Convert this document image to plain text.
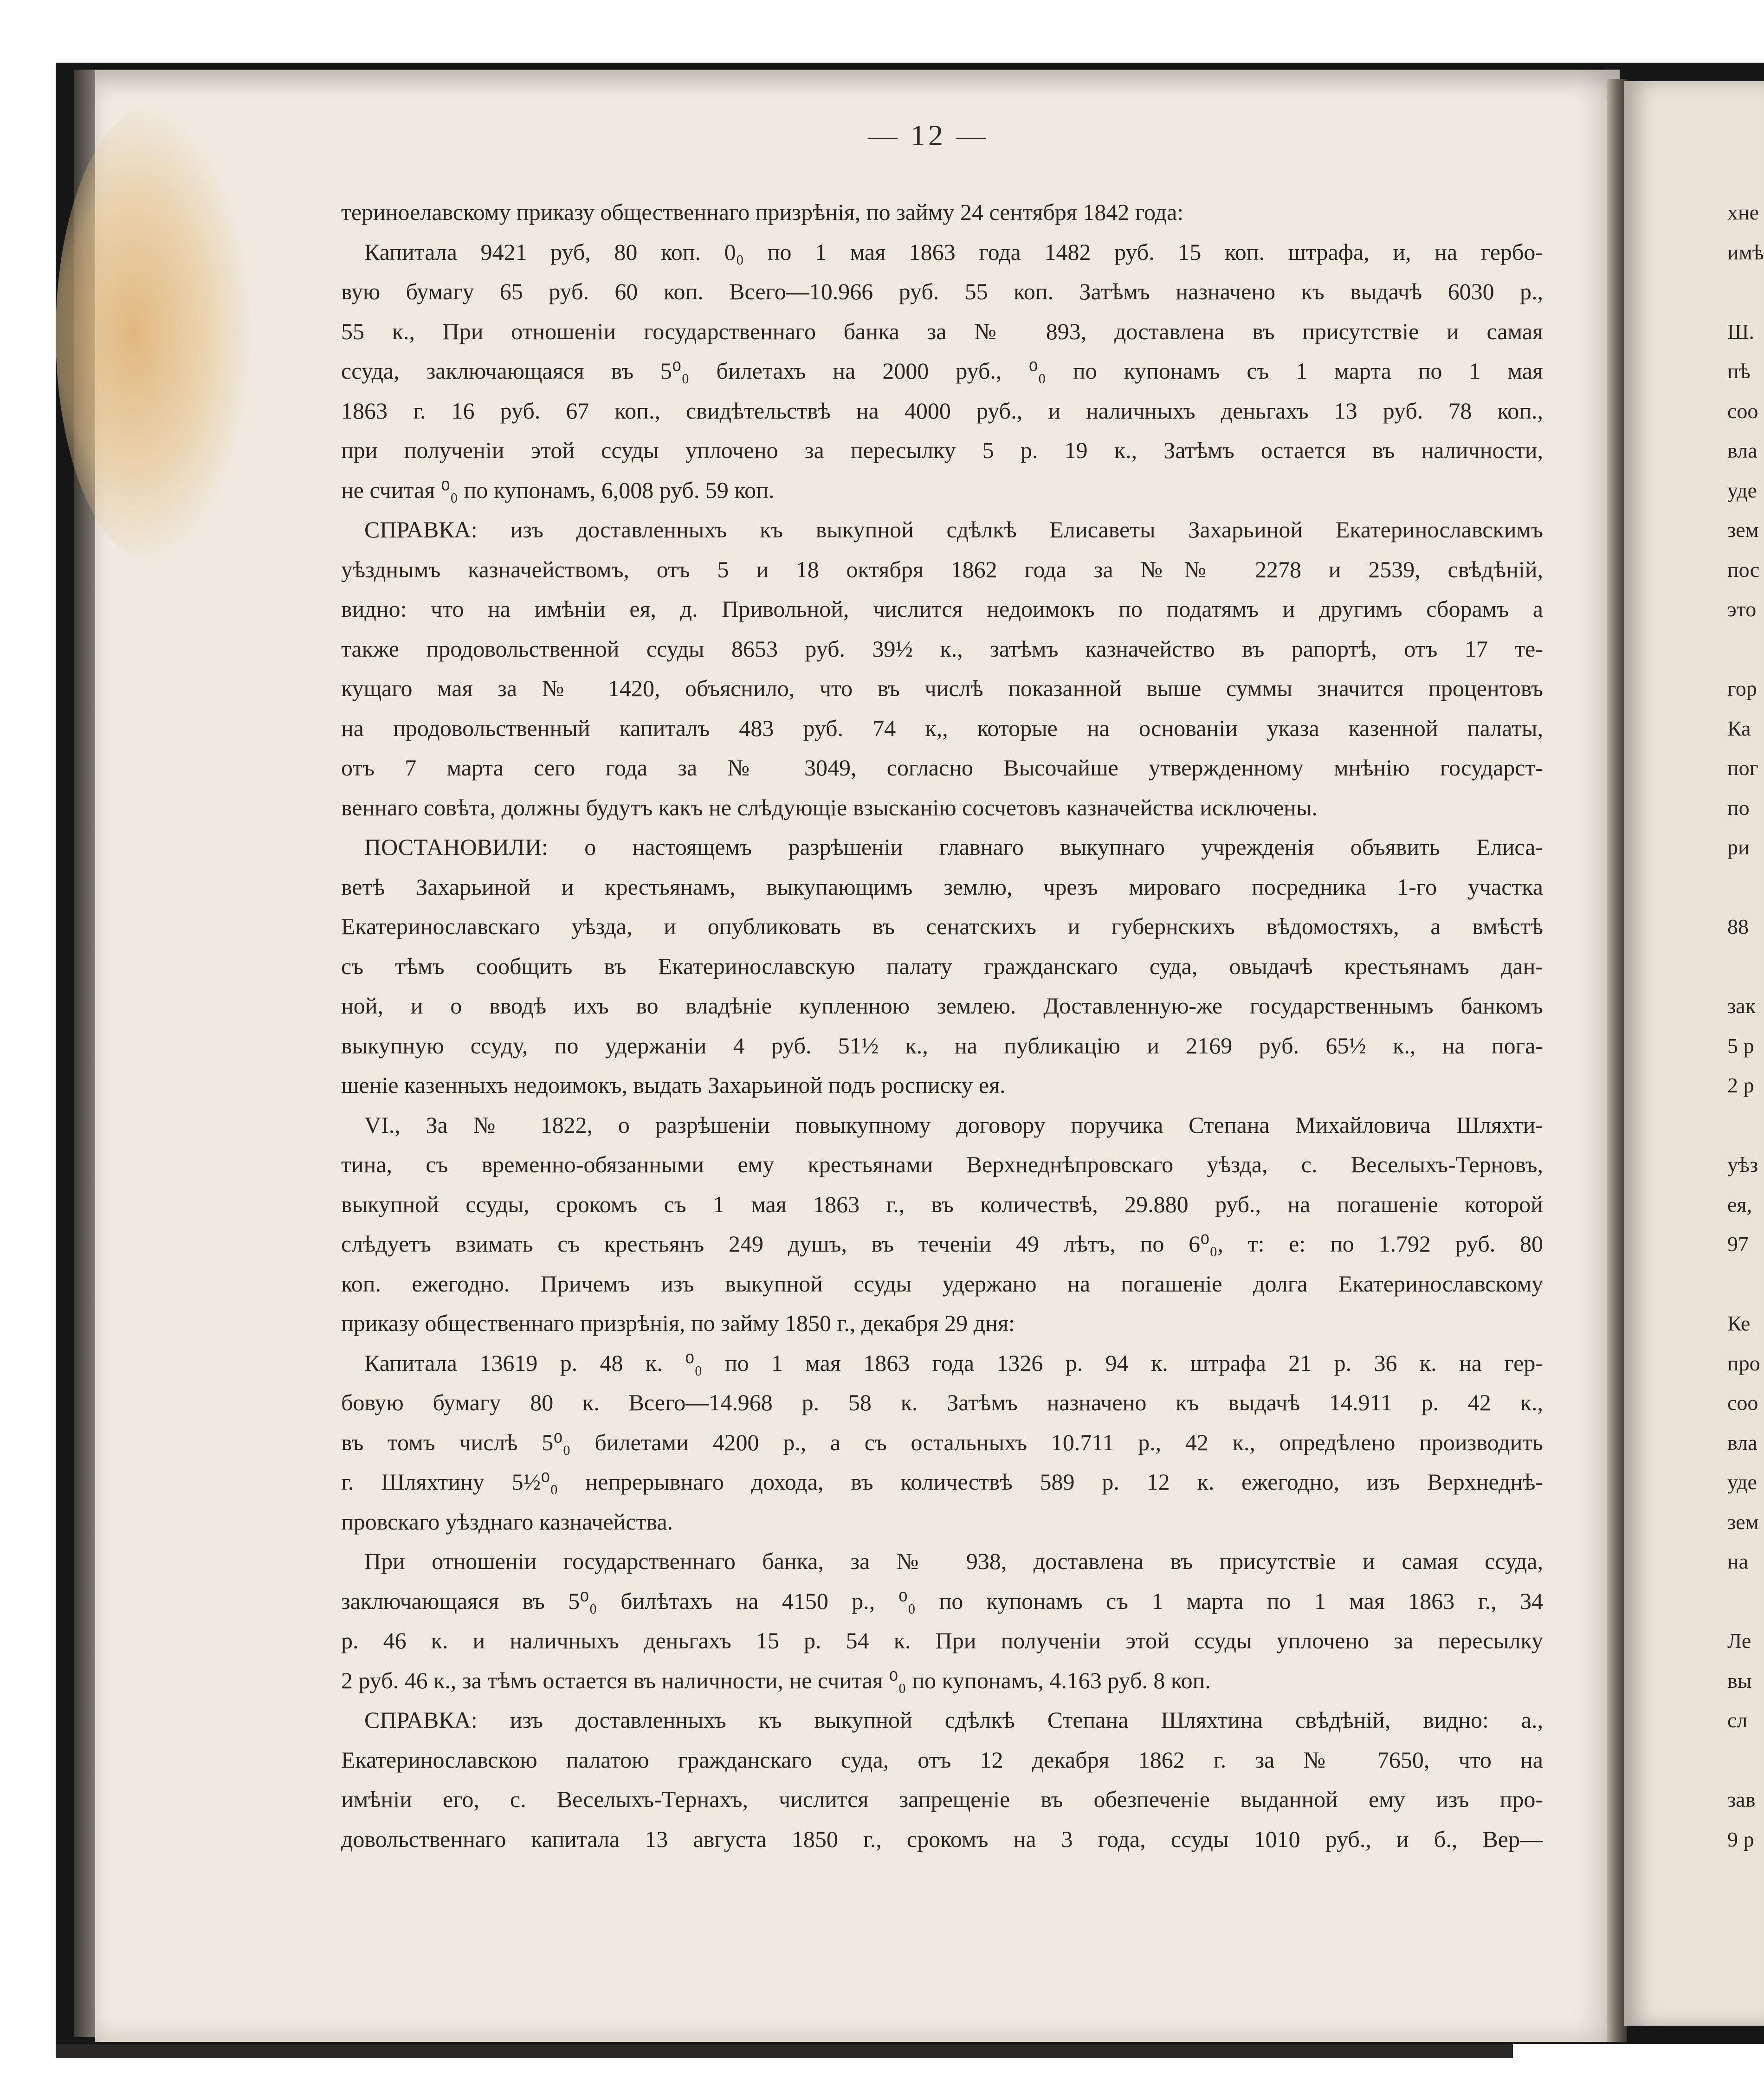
— 12 —
териноелавскому приказу общественнаго призрѣнія, по займу 24 сентября 1842 года:
Капитала 9421 руб, 80 коп. 0₀ по 1 мая 1863 года 1482 руб. 15 коп. штрафа, и, на гербо-
вую бумагу 65 руб. 60 коп. Всего—10.966 руб. 55 коп. Затѣмъ назначено къ выдачѣ 6030 р.,
55 к., При отношеніи государственнаго банка за № 893, доставлена въ присутствіе и самая
ссуда, заключающаяся въ 5⁰₀ билетахъ на 2000 руб., ⁰₀ по купонамъ съ 1 марта по 1 мая
1863 г. 16 руб. 67 коп., свидѣтельствѣ на 4000 руб., и наличныхъ деньгахъ 13 руб. 78 коп.,
при полученіи этой ссуды уплочено за пересылку 5 р. 19 к., Затѣмъ остается въ наличности,
не считая ⁰₀ по купонамъ, 6,008 руб. 59 коп.
СПРАВКА: изъ доставленныхъ къ выкупной сдѣлкѣ Елисаветы Захарьиной Екатеринославскимъ
уѣзднымъ казначействомъ, отъ 5 и 18 октября 1862 года за №№ 2278 и 2539, свѣдѣній,
видно: что на имѣніи ея, д. Привольной, числится недоимокъ по податямъ и другимъ сборамъ а
также продовольственной ссуды 8653 руб. 39½ к., затѣмъ казначейство въ рапортѣ, отъ 17 те-
кущаго мая за № 1420, объяснило, что въ числѣ показанной выше суммы значится процентовъ
на продовольственный капиталъ 483 руб. 74 к,, которые на основаніи указа казенной палаты,
отъ 7 марта сего года за № 3049, согласно Высочайше утвержденному мнѣнію государст-
веннаго совѣта, должны будутъ какъ не слѣдующіе взысканію сосчетовъ казначейства исключены.
ПОСТАНОВИЛИ: о настоящемъ разрѣшеніи главнаго выкупнаго учрежденія объявить Елиса-
ветѣ Захарьиной и крестьянамъ, выкупающимъ землю, чрезъ мироваго посредника 1-го участка
Екатеринославскаго уѣзда, и опубликовать въ сенатскихъ и губернскихъ вѣдомостяхъ, а вмѣстѣ
съ тѣмъ сообщить въ Екатеринославскую палату гражданскаго суда, овыдачѣ крестьянамъ дан-
ной, и о вводѣ ихъ во владѣніе купленною землею. Доставленную-же государственнымъ банкомъ
выкупную ссуду, по удержаніи 4 руб. 51½ к., на публикацію и 2169 руб. 65½ к., на пога-
шеніе казенныхъ недоимокъ, выдать Захарьиной подъ росписку ея.
VI., За № 1822, о разрѣшеніи повыкупному договору поручика Степана Михайловича Шляхти-
тина, съ временно-обязанными ему крестьянами Верхнеднѣпровскаго уѣзда, с. Веселыхъ-Терновъ,
выкупной ссуды, срокомъ съ 1 мая 1863 г., въ количествѣ, 29.880 руб., на погашеніе которой
слѣдуетъ взимать съ крестьянъ 249 душъ, въ теченіи 49 лѣтъ, по 6⁰₀, т: е: по 1.792 руб. 80
коп. ежегодно. Причемъ изъ выкупной ссуды удержано на погашеніе долга Екатеринославскому
приказу общественнаго призрѣнія, по займу 1850 г., декабря 29 дня:
Капитала 13619 р. 48 к. ⁰₀ по 1 мая 1863 года 1326 р. 94 к. штрафа 21 р. 36 к. на гер-
бовую бумагу 80 к. Всего—14.968 р. 58 к. Затѣмъ назначено къ выдачѣ 14.911 р. 42 к.,
въ томъ числѣ 5⁰₀ билетами 4200 р., а съ остальныхъ 10.711 р., 42 к., опредѣлено производить
г. Шляхтину 5½⁰₀ непрерывнаго дохода, въ количествѣ 589 р. 12 к. ежегодно, изъ Верхнеднѣ-
провскаго уѣзднаго казначейства.
При отношеніи государственнаго банка, за № 938, доставлена въ присутствіе и самая ссуда,
заключающаяся въ 5⁰₀ билѣтахъ на 4150 р., ⁰₀ по купонамъ съ 1 марта по 1 мая 1863 г., 34
р. 46 к. и наличныхъ деньгахъ 15 р. 54 к. При полученіи этой ссуды уплочено за пересылку
2 руб. 46 к., за тѣмъ остается въ наличности, не считая ⁰₀ по купонамъ, 4.163 руб. 8 коп.
СПРАВКА: изъ доставленныхъ къ выкупной сдѣлкѣ Степана Шляхтина свѣдѣній, видно: а.,
Екатеринославскою палатою гражданскаго суда, отъ 12 декабря 1862 г. за № 7650, что на
имѣніи его, с. Веселыхъ-Тернахъ, числится запрещеніе въ обезпеченіе выданной ему изъ про-
довольственнаго капитала 13 августа 1850 г., срокомъ на 3 года, ссуды 1010 руб., и б., Вер—
хне
имѣ
Ш.
пѣ
соо
вла
уде
зем
пос
это
гор
Ка
пог
по
ри
88
зак
5 р
2 р
уѣз
ея,
97
Ке
про
соо
вла
уде
зем
на
Ле
вы
сл
зав
9 р
